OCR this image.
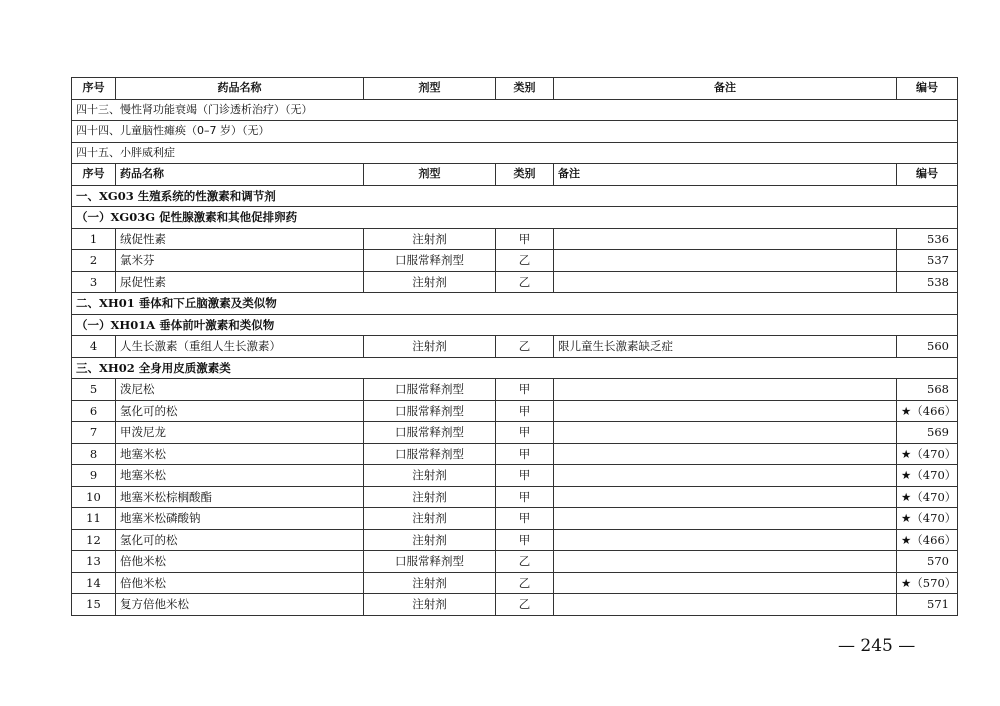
序号	药品名称	剂型	类别	备注	编号
四十三、慢性肾功能衰竭（门诊透析治疗）（无）					
四十四、儿童脑性瘫痪（0–7 岁）（无）					
四十五、小胖威利症					
序号	药品名称	剂型	类别	备注	编号
一、XG03 生殖系统的性激素和调节剂					
（一）XG03G 促性腺激素和其他促排卵药					
1	绒促性素	注射剂	甲		536
2	氯米芬	口服常释剂型	乙		537
3	尿促性素	注射剂	乙		538
二、XH01 垂体和下丘脑激素及类似物					
（一）XH01A 垂体前叶激素和类似物					
4	人生长激素（重组人生长激素）	注射剂	乙	限儿童生长激素缺乏症	560
三、XH02 全身用皮质激素类					
5	泼尼松	口服常释剂型	甲		568
6	氢化可的松	口服常释剂型	甲		★（466）
7	甲泼尼龙	口服常释剂型	甲		569
8	地塞米松	口服常释剂型	甲		★（470）
9	地塞米松	注射剂	甲		★（470）
10	地塞米松棕榈酸酯	注射剂	甲		★（470）
11	地塞米松磷酸钠	注射剂	甲		★（470）
12	氢化可的松	注射剂	甲		★（466）
13	倍他米松	口服常释剂型	乙		570
14	倍他米松	注射剂	乙		★（570）
15	复方倍他米松	注射剂	乙		571
— 245 —
